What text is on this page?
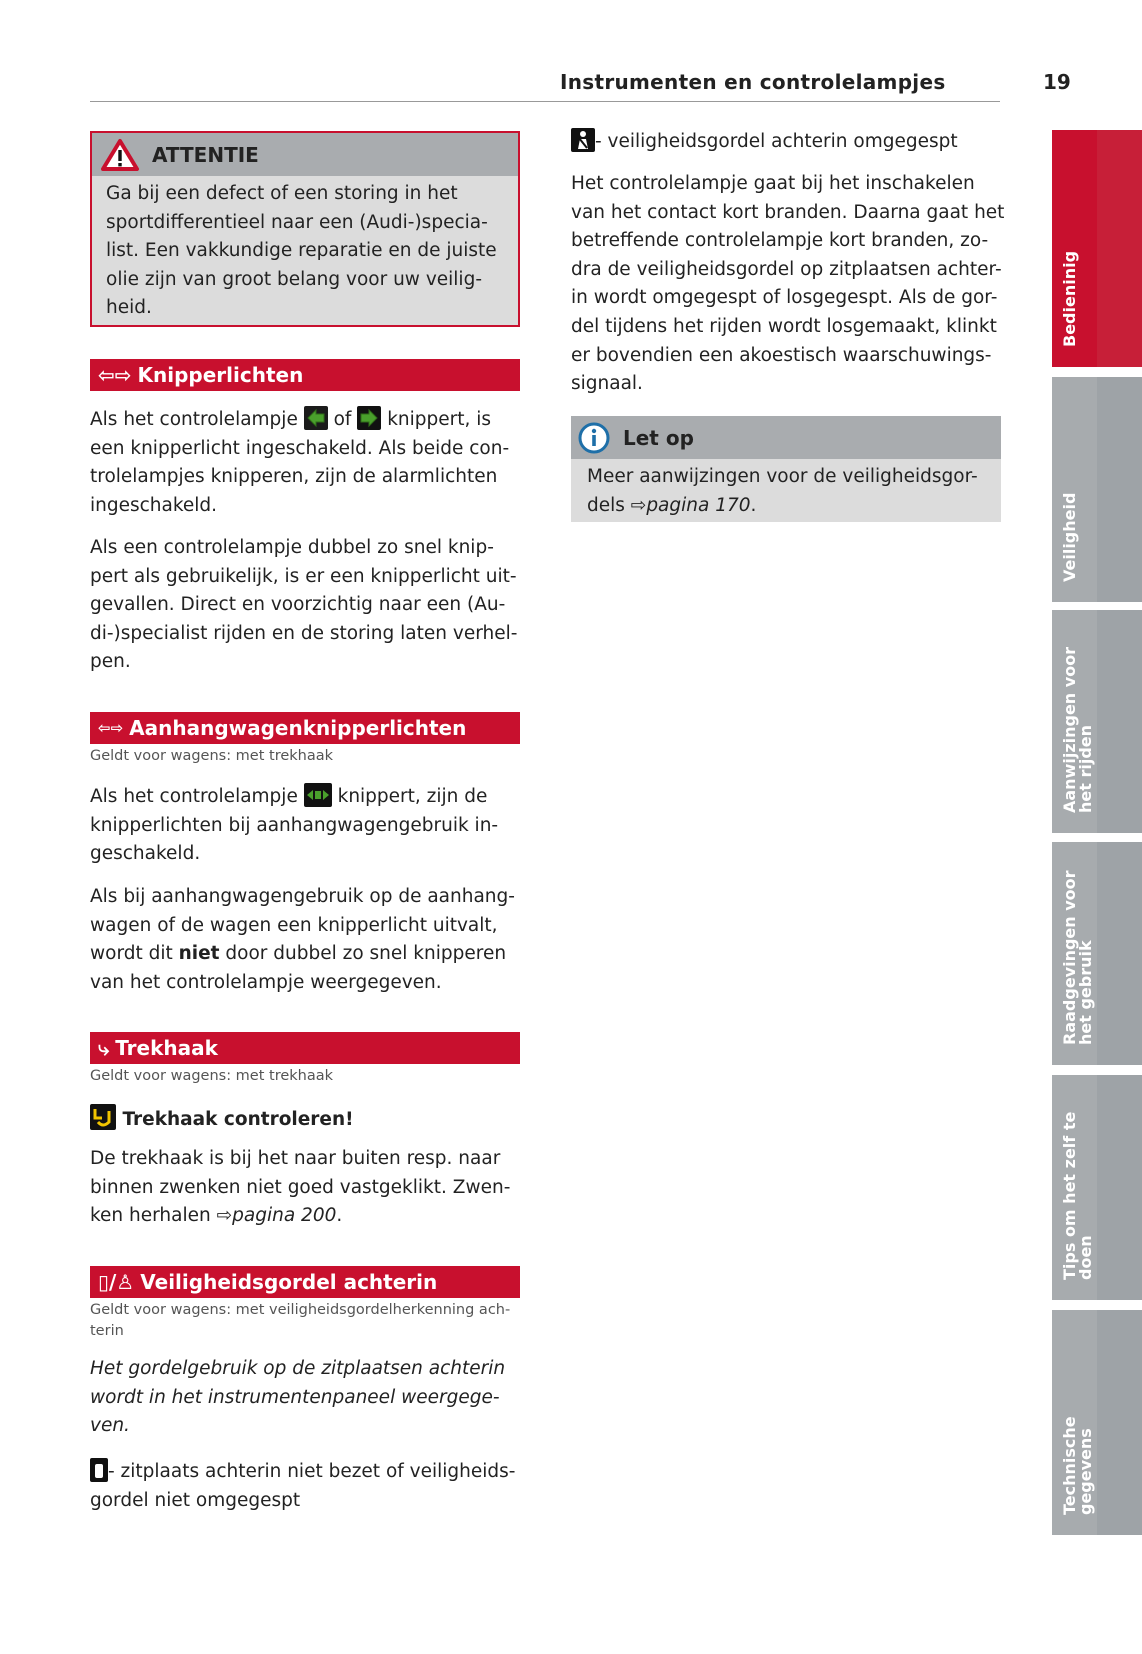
Instrumenten en controlelampjes	19
ATTENTIE
Ga bij een defect of een storing in het
sportdifferentieel naar een (Audi-)specia-
list. Een vakkundige reparatie en de juiste
olie zijn van groot belang voor uw veilig-
heid.
⇦⇨ Knipperlichten
Als het controlelampje
of
knippert, is
een knipperlicht ingeschakeld. Als beide con-
trolelampjes knipperen, zijn de alarmlichten
ingeschakeld.
Als een controlelampje dubbel zo snel knip-
pert als gebruikelijk, is er een knipperlicht uit-
gevallen. Direct en voorzichtig naar een (Au-
di-)specialist rijden en de storing laten verhel-
pen.
⇦⇨ Aanhangwagenknipperlichten
Geldt voor wagens: met trekhaak
Als het controlelampje
knippert, zijn de
knipperlichten bij aanhangwagengebruik in-
geschakeld.
Als bij aanhangwagengebruik op de aanhang-
wagen of de wagen een knipperlicht uitvalt,
wordt dit niet door dubbel zo snel knipperen
van het controlelampje weergegeven.
⤷ Trekhaak
Geldt voor wagens: met trekhaak
Trekhaak controleren!
De trekhaak is bij het naar buiten resp. naar
binnen zwenken niet goed vastgeklikt. Zwen-
ken herhalen ⇨pagina 200.
▯/♙ Veiligheidsgordel achterin
Geldt voor wagens: met veiligheidsgordelherkenning ach-
terin
Het gordelgebruik op de zitplaatsen achterin
wordt in het instrumentenpaneel weergege-
ven.
- zitplaats achterin niet bezet of veiligheids-
gordel niet omgegespt
- veiligheidsgordel achterin omgegespt
Het controlelampje gaat bij het inschakelen
van het contact kort branden. Daarna gaat het
betreffende controlelampje kort branden, zo-
dra de veiligheidsgordel op zitplaatsen achter-
in wordt omgegespt of losgegespt. Als de gor-
del tijdens het rijden wordt losgemaakt, klinkt
er bovendien een akoestisch waarschuwings-
signaal.
Let op
Meer aanwijzingen voor de veiligheidsgor-
dels ⇨pagina 170.
Bedieninig
Veiligheid
Aanwijzingen voor het rijden
Raadgevingen voor het gebruik
Tips om het zelf te doen
Technische gegevens
